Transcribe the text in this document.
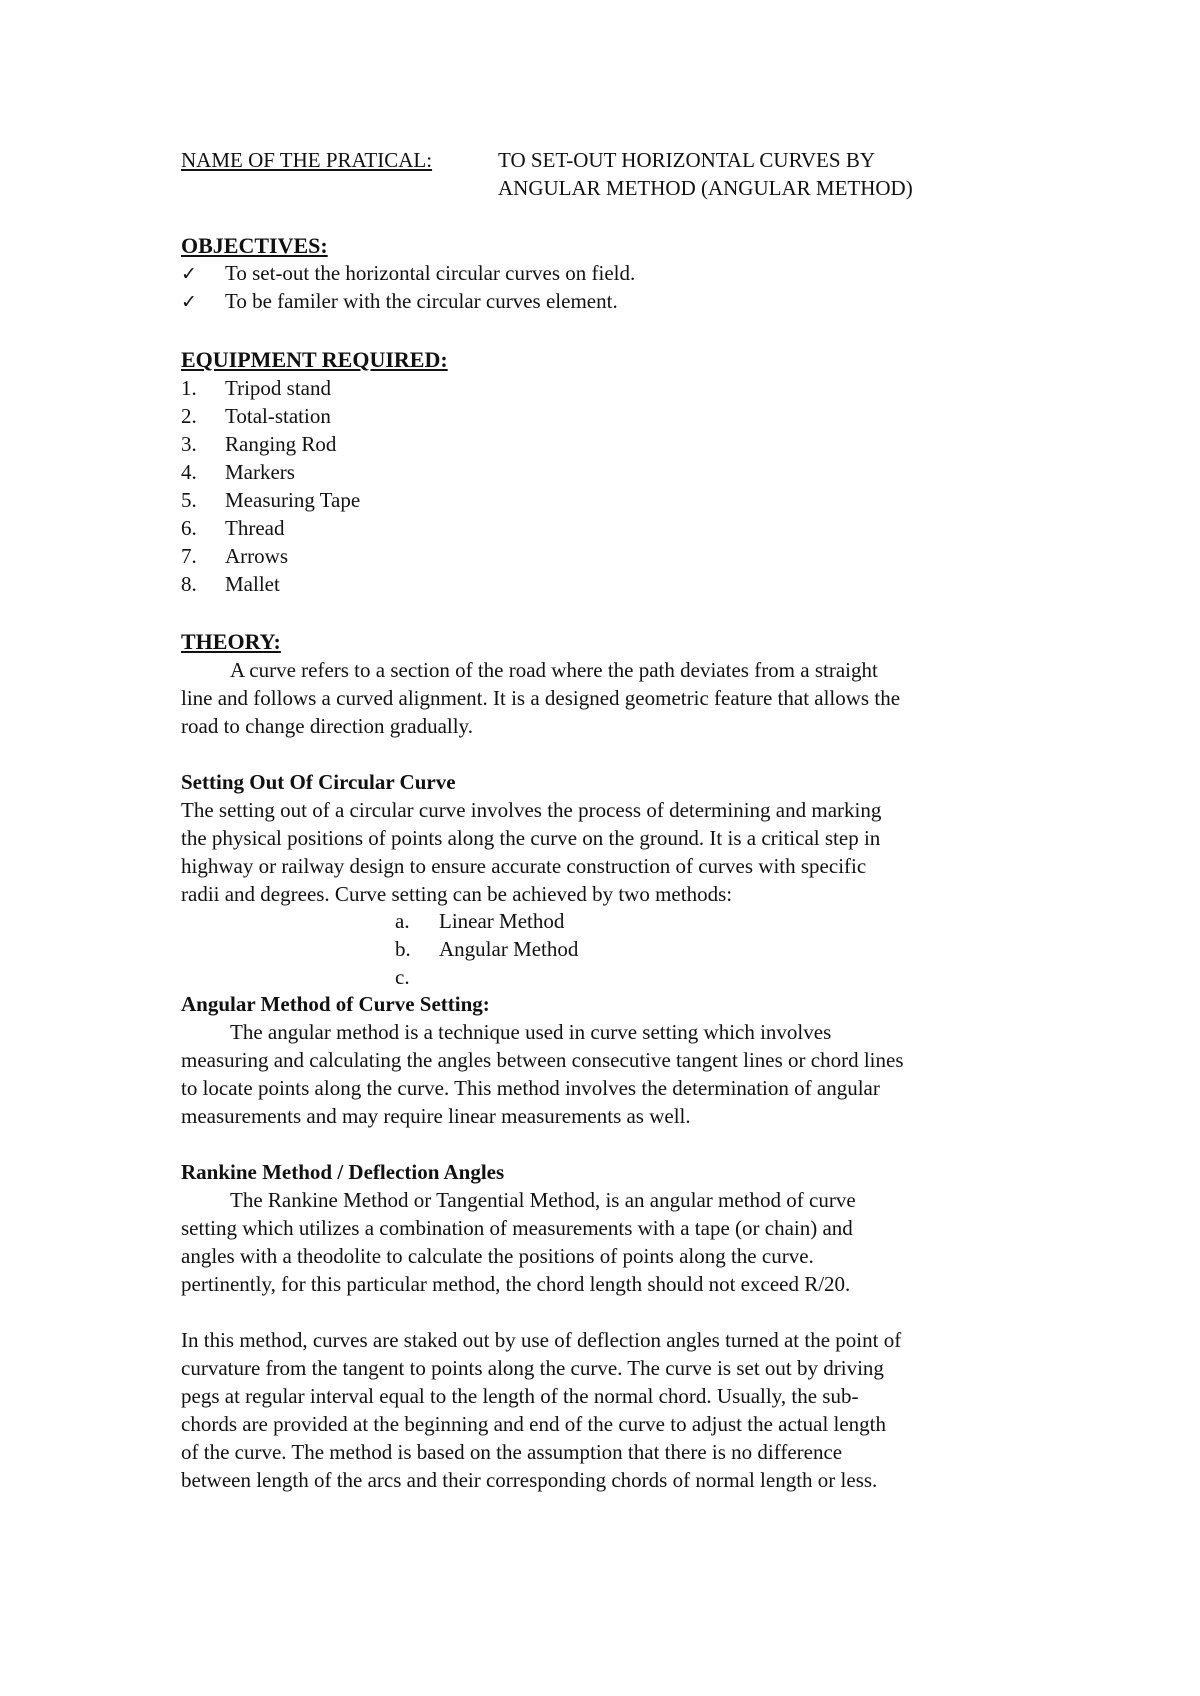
NAME OF THE PRATICAL:	TO SET-OUT HORIZONTAL CURVES BY
ANGULAR METHOD (ANGULAR METHOD)
OBJECTIVES:
✓ To set-out the horizontal circular curves on field.
✓ To be familer with the circular curves element.
EQUIPMENT REQUIRED:
1. Tripod stand
2. Total-station
3. Ranging Rod
4. Markers
5. Measuring Tape
6. Thread
7. Arrows
8. Mallet
THEORY:
A curve refers to a section of the road where the path deviates from a straight
line and follows a curved alignment. It is a designed geometric feature that allows the
road to change direction gradually.
Setting Out Of Circular Curve
The setting out of a circular curve involves the process of determining and marking
the physical positions of points along the curve on the ground. It is a critical step in
highway or railway design to ensure accurate construction of curves with specific
radii and degrees. Curve setting can be achieved by two methods:
a. Linear Method
b. Angular Method
c.
Angular Method of Curve Setting:
The angular method is a technique used in curve setting which involves
measuring and calculating the angles between consecutive tangent lines or chord lines
to locate points along the curve. This method involves the determination of angular
measurements and may require linear measurements as well.
Rankine Method / Deflection Angles
The Rankine Method or Tangential Method, is an angular method of curve
setting which utilizes a combination of measurements with a tape (or chain) and
angles with a theodolite to calculate the positions of points along the curve.
pertinently, for this particular method, the chord length should not exceed R/20.
In this method, curves are staked out by use of deflection angles turned at the point of
curvature from the tangent to points along the curve. The curve is set out by driving
pegs at regular interval equal to the length of the normal chord. Usually, the sub-
chords are provided at the beginning and end of the curve to adjust the actual length
of the curve. The method is based on the assumption that there is no difference
between length of the arcs and their corresponding chords of normal length or less.
